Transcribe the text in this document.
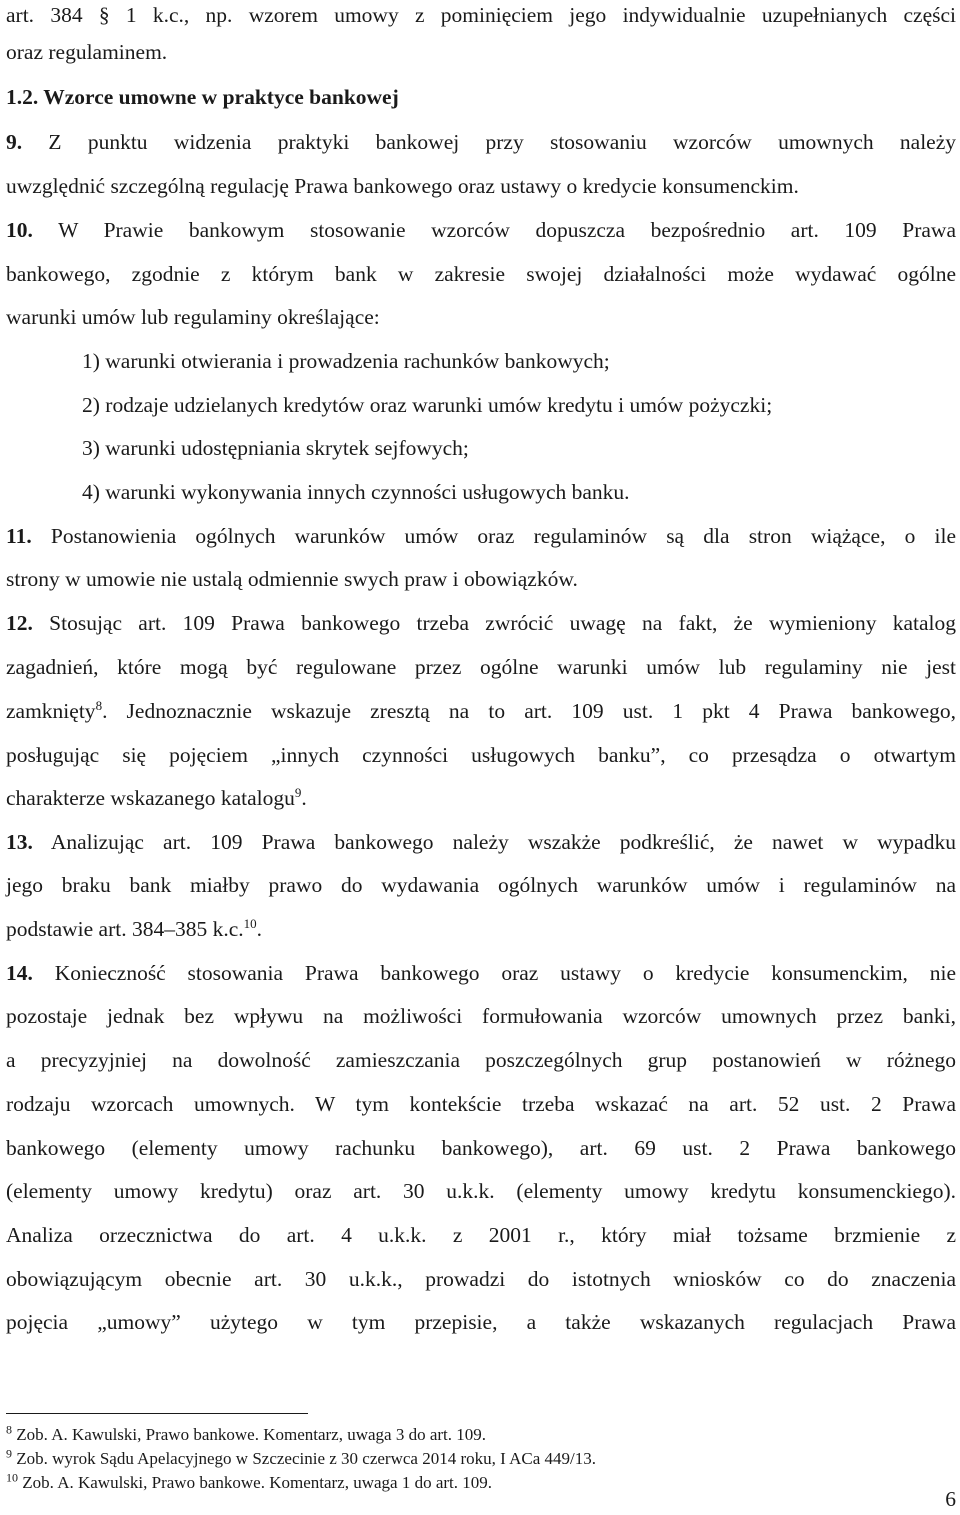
art. 384 § 1 k.c., np. wzorem umowy z pominięciem jego indywidualnie uzupełnianych części
oraz regulaminem.
1.2. Wzorce umowne w praktyce bankowej
9. Z punktu widzenia praktyki bankowej przy stosowaniu wzorców umownych należy
uwzględnić szczególną regulację Prawa bankowego oraz ustawy o kredycie konsumenckim.
10. W Prawie bankowym stosowanie wzorców dopuszcza bezpośrednio art. 109 Prawa
bankowego, zgodnie z którym bank w zakresie swojej działalności może wydawać ogólne
warunki umów lub regulaminy określające:
1) warunki otwierania i prowadzenia rachunków bankowych;
2) rodzaje udzielanych kredytów oraz warunki umów kredytu i umów pożyczki;
3) warunki udostępniania skrytek sejfowych;
4) warunki wykonywania innych czynności usługowych banku.
11. Postanowienia ogólnych warunków umów oraz regulaminów są dla stron wiążące, o ile
strony w umowie nie ustalą odmiennie swych praw i obowiązków.
12. Stosując art. 109 Prawa bankowego trzeba zwrócić uwagę na fakt, że wymieniony katalog
zagadnień, które mogą być regulowane przez ogólne warunki umów lub regulaminy nie jest
zamknięty$^8$. Jednoznacznie wskazuje zresztą na to art. 109 ust. 1 pkt 4 Prawa bankowego,
posługując się pojęciem „innych czynności usługowych banku”, co przesądza o otwartym
charakterze wskazanego katalogu$^9$.
13. Analizując art. 109 Prawa bankowego należy wszakże podkreślić, że nawet w wypadku
jego braku bank miałby prawo do wydawania ogólnych warunków umów i regulaminów na
podstawie art. 384–385 k.c.$^{10}$.
14. Konieczność stosowania Prawa bankowego oraz ustawy o kredycie konsumenckim, nie
pozostaje jednak bez wpływu na możliwości formułowania wzorców umownych przez banki,
a precyzyjniej na dowolność zamieszczania poszczególnych grup postanowień w różnego
rodzaju wzorcach umownych. W tym kontekście trzeba wskazać na art. 52 ust. 2 Prawa
bankowego (elementy umowy rachunku bankowego), art. 69 ust. 2 Prawa bankowego
(elementy umowy kredytu) oraz art. 30 u.k.k. (elementy umowy kredytu konsumenckiego).
Analiza orzecznictwa do art. 4 u.k.k. z 2001 r., który miał tożsame brzmienie z
obowiązującym obecnie art. 30 u.k.k., prowadzi do istotnych wniosków co do znaczenia
pojęcia „umowy” użytego w tym przepisie, a także wskazanych regulacjach Prawa
$^8$ Zob. A. Kawulski, Prawo bankowe. Komentarz, uwaga 3 do art. 109.
$^9$ Zob. wyrok Sądu Apelacyjnego w Szczecinie z 30 czerwca 2014 roku, I ACa 449/13.
$^{10}$ Zob. A. Kawulski, Prawo bankowe. Komentarz, uwaga 1 do art. 109.
6
